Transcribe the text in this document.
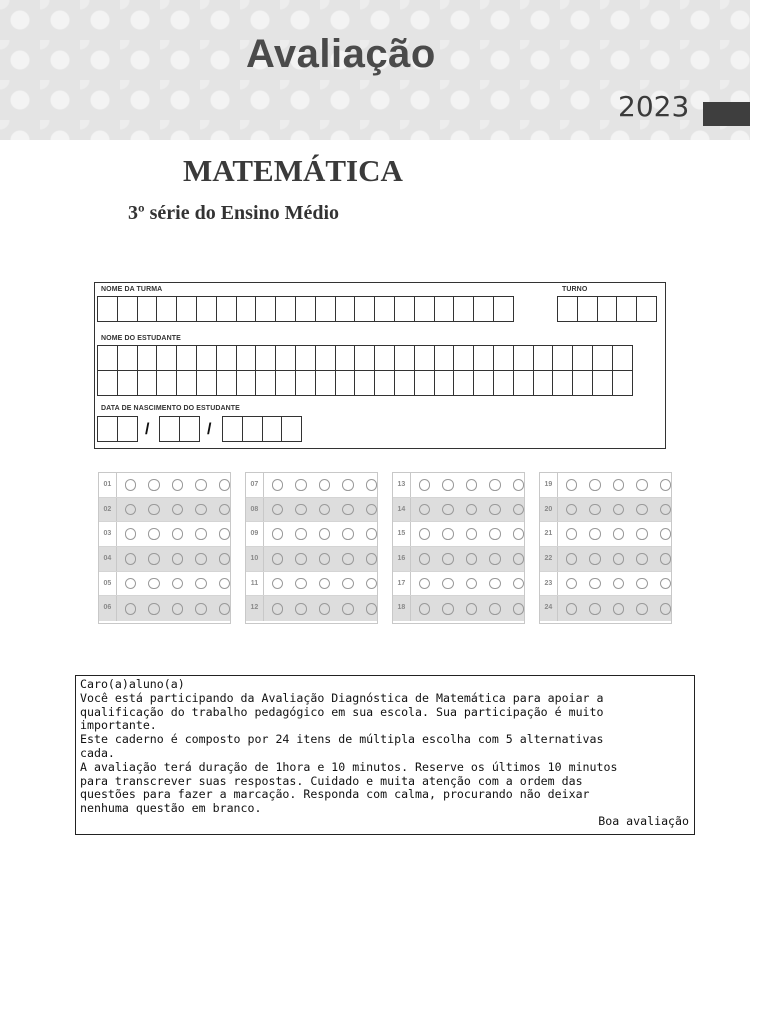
Avaliação
2023
MATEMÁTICA
3º série do Ensino Médio
NOME DA TURMA	TURNO
NOME DO ESTUDANTE
DATA DE NASCIMENTO DO ESTUDANTE
/	/
01
02
03
04
05
06
07
08
09
10
11
12
13
14
15
16
17
18
19
20
21
22
23
24

Caro(a)aluno(a)

Você está participando da Avaliação Diagnóstica de Matemática para apoiar a

qualificação do trabalho pedagógico em sua escola. Sua participação é muito

importante.

Este caderno é composto por 24 itens de múltipla escolha com 5 alternativas

cada.

A avaliação terá duração de 1hora e 10 minutos. Reserve os últimos 10 minutos

para transcrever suas respostas. Cuidado e muita atenção com a ordem das

questões para fazer a marcação. Responda com calma, procurando não deixar

nenhuma questão em branco.

Boa avaliação
